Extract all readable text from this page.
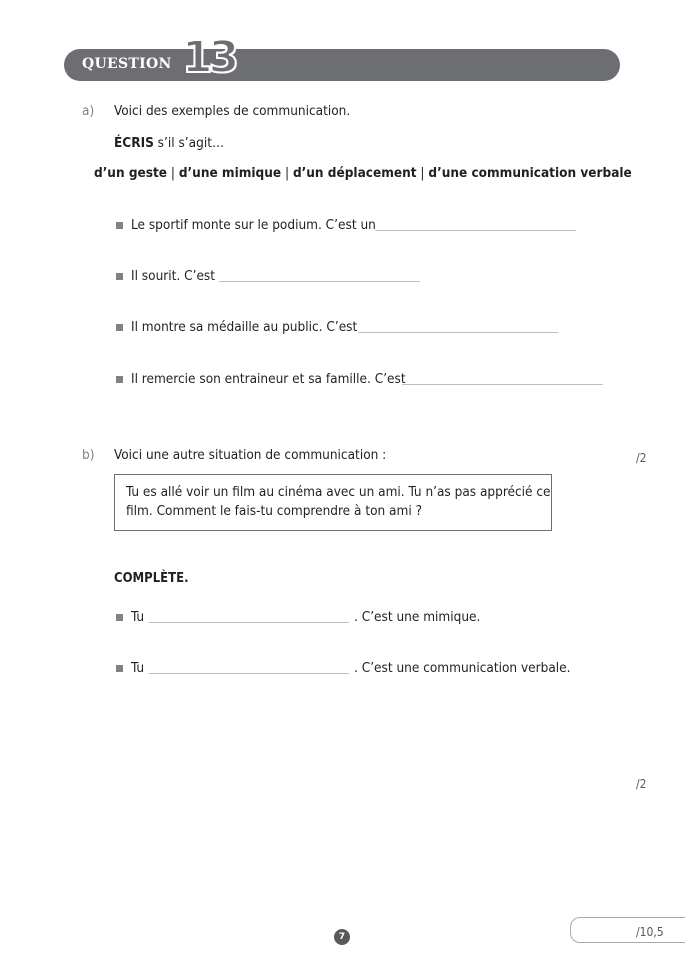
QUESTION 13
a) Voici des exemples de communication.
ÉCRIS s’il s’agit…
d’un geste | d’une mimique | d’un déplacement | d’une communication verbale
Le sportif monte sur le podium. C’est un
Il sourit. C’est
Il montre sa médaille au public. C’est
Il remercie son entraineur et sa famille. C’est
/2
b) Voici une autre situation de communication :
Tu es allé voir un film au cinéma avec un ami. Tu n’as pas apprécié ce
film. Comment le fais-tu comprendre à ton ami ?
COMPLÈTE.
Tu	. C’est une mimique.
Tu	. C’est une communication verbale.
/2
/10,5
7
